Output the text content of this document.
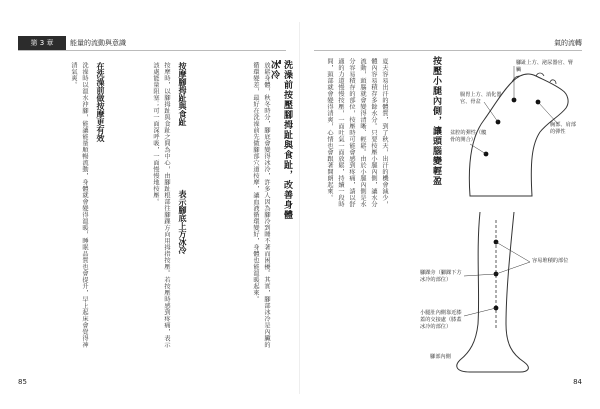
第 3 章	能量的流動與意識
洗澡前按壓腳拇趾與食趾，改善身體冰冷
放鬆身體，秋冬時分，腳底會變得冰冷，許多人因為腳冷到睡不著而困擾。其實，腳部冰冷是內臟的循環變差，最好在洗澡前先做腳部穴道按摩，讓血液循環變好，身體也能溫暖起來。
按摩腳拇趾與食趾
表示腳底上方冰冷
按摩時，以腳拇趾與食趾之間為中心，由腳趾根部往腳踝方向用拇指按壓。若按壓時感到疼痛，表示該處能量阻塞；可一面深呼吸，一面慢慢地按壓。
在洗澡前做按摩更有效
洗澡時以溫水沖腳，能讓能量順暢流動，身體就會變得溫暖，睡眠品質也會提升，早上起床會覺得神清氣爽。
85
氣的流轉
按壓小腿內側，讓頭腦變輕盈
夏天容易出汗的體質，到了秋天，出汗的機會減少，體內容易積存多餘水分。只要按壓小腿內側，讓水分流動，頭腦就會變得清晰、輕鬆。由於小腿內側是水分容易積存的部位，按壓時可能會感到疼痛，請以舒適的力道慢慢按壓，一面吐氣一面放鬆，持續一段時間，頭部就會變得清爽，心情也會跟著開朗起來。	腳趾上方、泌尿器官、腎臟
腸胃上方、消化器官、骨盆
盆腔的彈性（髖骨的開合）
胸部、肩部的彈性
容易堆積的部位
腳踝旁（腳踝下方冰冷的部位）
小腿肚內側靠近膝蓋的交接處（膝蓋冰冷的部位）
腳部內側
84
